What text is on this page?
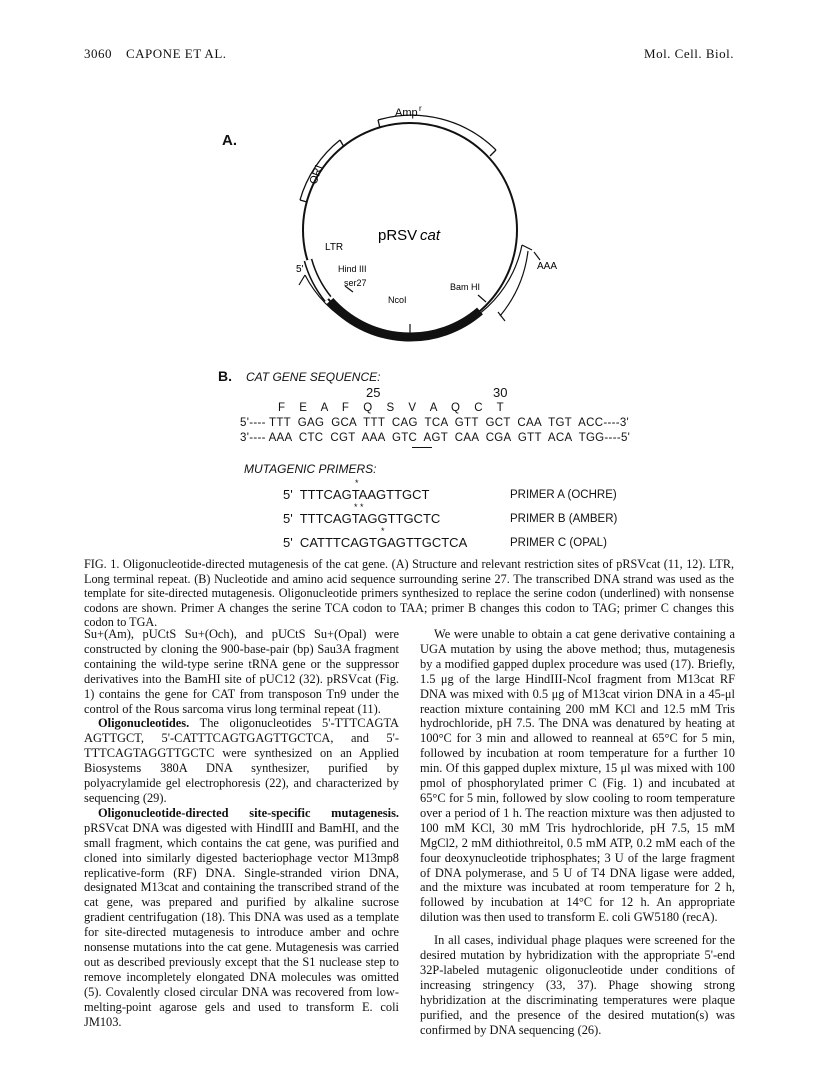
3060 CAPONE ET AL.	Mol. Cell. Biol.
A.
Amp r
ORI
pRSV cat
LTR
AAA
5'	Hind III
ser27
NcoI
Bam HI
B. CAT GENE SEQUENCE:
25	30
F    E    A    F    Q    S    V    A    Q    C    T
5'---- TTT  GAG  GCA  TTT  CAG  TCA  GTT  GCT  CAA  TGT  ACC----3'
3'---- AAA  CTC  CGT  AAA  GTC  AGT  CAA  CGA  GTT  ACA  TGG----5'
MUTAGENIC PRIMERS:
*
5'  TTTCAGTAAGTTGCT	PRIMER A (OCHRE)
* *
5'  TTTCAGTAGGTTGCTC	PRIMER B (AMBER)
*
5'  CATTTCAGTGAGTTGCTCA	PRIMER C (OPAL)
FIG. 1. Oligonucleotide-directed mutagenesis of the cat gene. (A) Structure and relevant restriction sites of pRSVcat (11, 12). LTR, Long terminal repeat. (B) Nucleotide and amino acid sequence surrounding serine 27. The transcribed DNA strand was used as the template for site-directed mutagenesis. Oligonucleotide primers synthesized to replace the serine codon (underlined) with nonsense codons are shown. Primer A changes the serine TCA codon to TAA; primer B changes this codon to TAG; primer C changes this codon to TGA.

Su+(Am), pUCtS Su+(Och), and pUCtS Su+(Opal) were constructed by cloning the 900-base-pair (bp) Sau3A fragment containing the wild-type serine tRNA gene or the suppressor derivatives into the BamHI site of pUC12 (32). pRSVcat (Fig. 1) contains the gene for CAT from transposon Tn9 under the control of the Rous sarcoma virus long terminal repeat (11).

Oligonucleotides. The oligonucleotides 5'-TTTCAGTA AGTTGCT, 5'-CATTTCAGTGAGTTGCTCA, and 5'-TTTCAGTAGGTTGCTC were synthesized on an Applied Biosystems 380A DNA synthesizer, purified by polyacrylamide gel electrophoresis (22), and characterized by sequencing (29).

Oligonucleotide-directed site-specific mutagenesis. pRSVcat DNA was digested with HindIII and BamHI, and the small fragment, which contains the cat gene, was purified and cloned into similarly digested bacteriophage vector M13mp8 replicative-form (RF) DNA. Single-stranded virion DNA, designated M13cat and containing the transcribed strand of the cat gene, was prepared and purified by alkaline sucrose gradient centrifugation (18). This DNA was used as a template for site-directed mutagenesis to introduce amber and ochre nonsense mutations into the cat gene. Mutagenesis was carried out as described previously except that the S1 nuclease step to remove incompletely elongated DNA molecules was omitted (5). Covalently closed circular DNA was recovered from low-melting-point agarose gels and used to transform E. coli JM103.

We were unable to obtain a cat gene derivative containing a UGA mutation by using the above method; thus, mutagenesis by a modified gapped duplex procedure was used (17). Briefly, 1.5 μg of the large HindIII-NcoI fragment from M13cat RF DNA was mixed with 0.5 μg of M13cat virion DNA in a 45-μl reaction mixture containing 200 mM KCl and 12.5 mM Tris hydrochloride, pH 7.5. The DNA was denatured by heating at 100°C for 3 min and allowed to reanneal at 65°C for 5 min, followed by incubation at room temperature for a further 10 min. Of this gapped duplex mixture, 15 μl was mixed with 100 pmol of phosphorylated primer C (Fig. 1) and incubated at 65°C for 5 min, followed by slow cooling to room temperature over a period of 1 h. The reaction mixture was then adjusted to 100 mM KCl, 30 mM Tris hydrochloride, pH 7.5, 15 mM MgCl2, 2 mM dithiothreitol, 0.5 mM ATP, 0.2 mM each of the four deoxynucleotide triphosphates; 3 U of the large fragment of DNA polymerase, and 5 U of T4 DNA ligase were added, and the mixture was incubated at room temperature for 2 h, followed by incubation at 14°C for 12 h. An appropriate dilution was then used to transform E. coli GW5180 (recA).

In all cases, individual phage plaques were screened for the desired mutation by hybridization with the appropriate 5'-end 32P-labeled mutagenic oligonucleotide under conditions of increasing stringency (33, 37). Phage showing strong hybridization at the discriminating temperatures were plaque purified, and the presence of the desired mutation(s) was confirmed by DNA sequencing (26).
